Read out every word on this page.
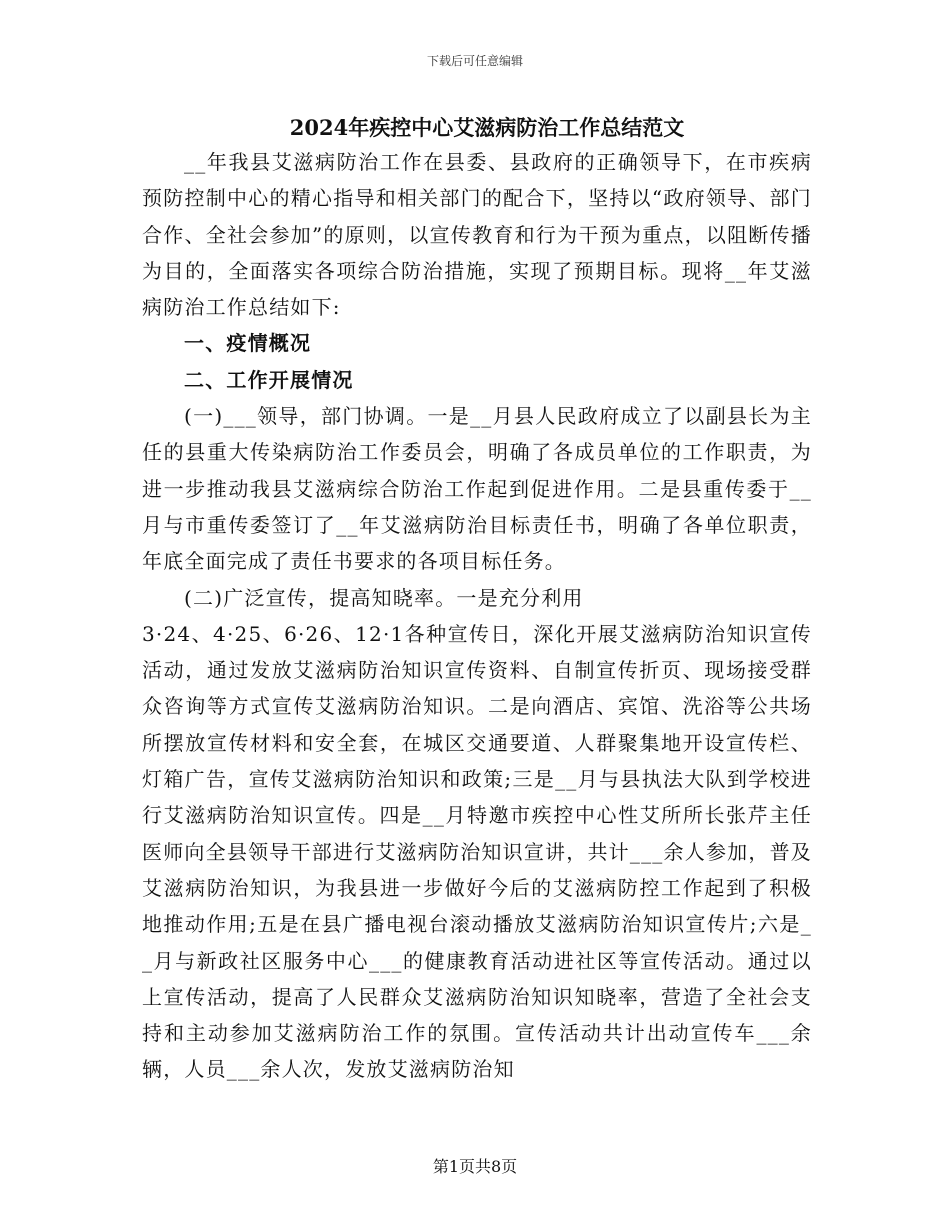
下载后可任意编辑
2024年疾控中心艾滋病防治工作总结范文

__年我县艾滋病防治工作在县委、县政府的正确领导下，在市疾病预防控制中心的精心指导和相关部门的配合下，坚持以“政府领导、部门合作、全社会参加”的原则，以宣传教育和行为干预为重点，以阻断传播为目的，全面落实各项综合防治措施，实现了预期目标。现将__年艾滋病防治工作总结如下:

一、疫情概况

二、工作开展情况

(一)___领导，部门协调。一是__月县人民政府成立了以副县长为主任的县重大传染病防治工作委员会，明确了各成员单位的工作职责，为进一步推动我县艾滋病综合防治工作起到促进作用。二是县重传委于__月与市重传委签订了__年艾滋病防治目标责任书，明确了各单位职责，年底全面完成了责任书要求的各项目标任务。

(二)广泛宣传，提高知晓率。一是充分利用

3·24、4·25、6·26、12·1各种宣传日，深化开展艾滋病防治知识宣传活动，通过发放艾滋病防治知识宣传资料、自制宣传折页、现场接受群众咨询等方式宣传艾滋病防治知识。二是向酒店、宾馆、洗浴等公共场所摆放宣传材料和安全套，在城区交通要道、人群聚集地开设宣传栏、灯箱广告，宣传艾滋病防治知识和政策;三是__月与县执法大队到学校进行艾滋病防治知识宣传。四是__月特邀市疾控中心性艾所所长张芹主任医师向全县领导干部进行艾滋病防治知识宣讲，共计___余人参加，普及艾滋病防治知识，为我县进一步做好今后的艾滋病防控工作起到了积极地推动作用;五是在县广播电视台滚动播放艾滋病防治知识宣传片;六是__月与新政社区服务中心___的健康教育活动进社区等宣传活动。通过以上宣传活动，提高了人民群众艾滋病防治知识知晓率，营造了全社会支持和主动参加艾滋病防治工作的氛围。宣传活动共计出动宣传车___余辆，人员___余人次，发放艾滋病防治知

第1页共8页
